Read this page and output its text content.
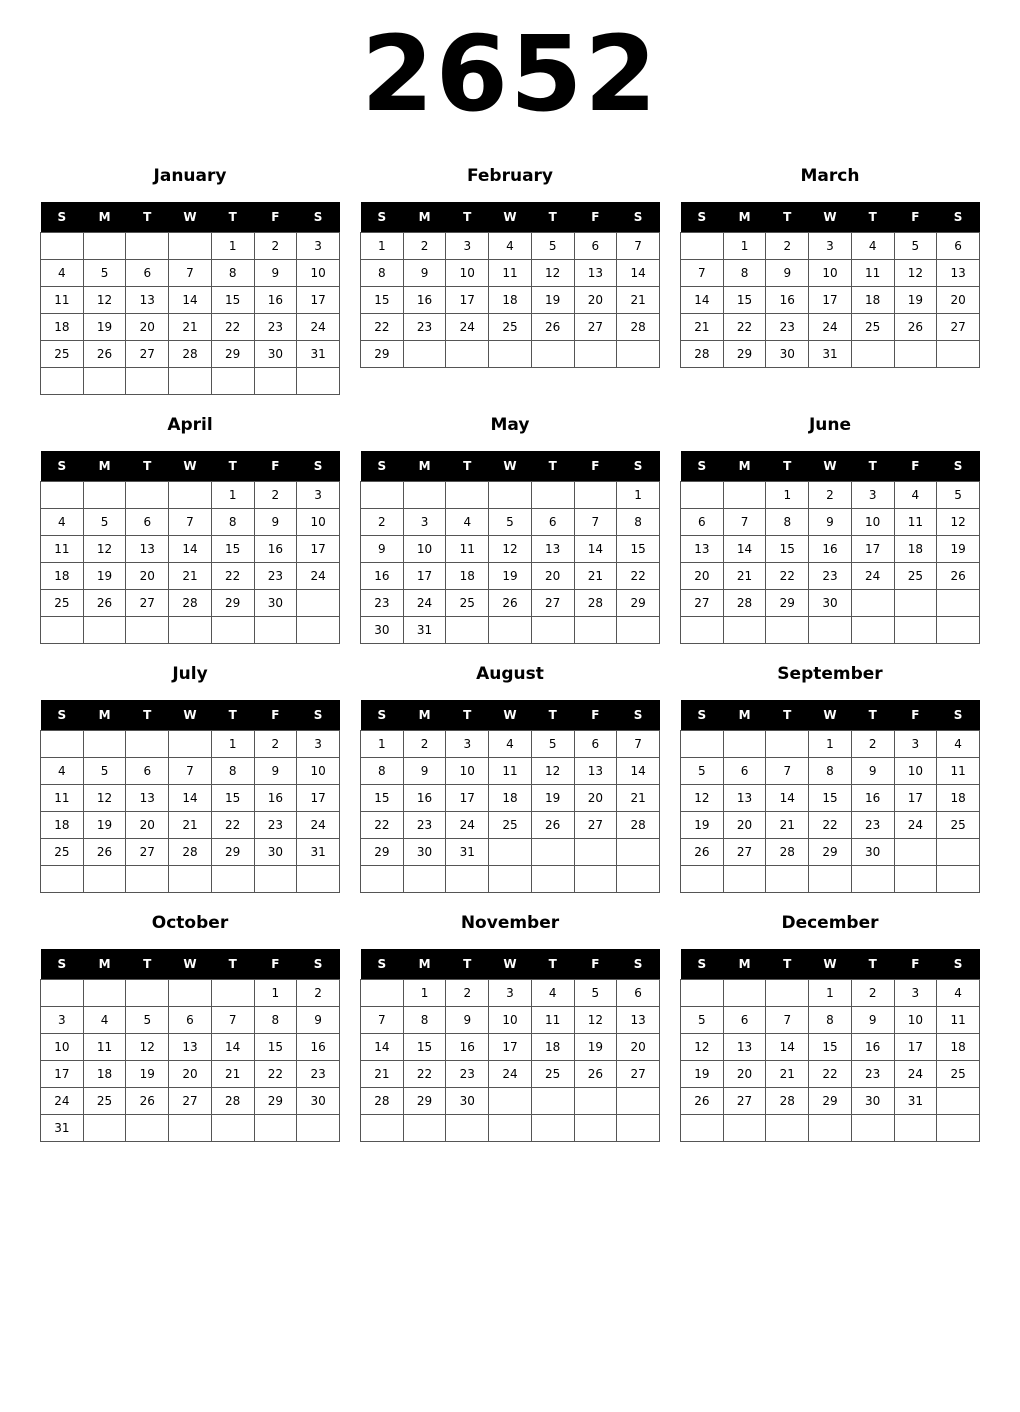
2652
January
S	M	T	W	T	F	S
				1	2	3
4	5	6	7	8	9	10
11	12	13	14	15	16	17
18	19	20	21	22	23	24
25	26	27	28	29	30	31

February
S	M	T	W	T	F	S
1	2	3	4	5	6	7
8	9	10	11	12	13	14
15	16	17	18	19	20	21
22	23	24	25	26	27	28
29						
March
S	M	T	W	T	F	S
	1	2	3	4	5	6
7	8	9	10	11	12	13
14	15	16	17	18	19	20
21	22	23	24	25	26	27
28	29	30	31			
April
S	M	T	W	T	F	S
				1	2	3
4	5	6	7	8	9	10
11	12	13	14	15	16	17
18	19	20	21	22	23	24
25	26	27	28	29	30	

May
S	M	T	W	T	F	S
						1
2	3	4	5	6	7	8
9	10	11	12	13	14	15
16	17	18	19	20	21	22
23	24	25	26	27	28	29
30	31					
June
S	M	T	W	T	F	S
		1	2	3	4	5
6	7	8	9	10	11	12
13	14	15	16	17	18	19
20	21	22	23	24	25	26
27	28	29	30			

July
S	M	T	W	T	F	S
				1	2	3
4	5	6	7	8	9	10
11	12	13	14	15	16	17
18	19	20	21	22	23	24
25	26	27	28	29	30	31

August
S	M	T	W	T	F	S
1	2	3	4	5	6	7
8	9	10	11	12	13	14
15	16	17	18	19	20	21
22	23	24	25	26	27	28
29	30	31				

September
S	M	T	W	T	F	S
			1	2	3	4
5	6	7	8	9	10	11
12	13	14	15	16	17	18
19	20	21	22	23	24	25
26	27	28	29	30		

October
S	M	T	W	T	F	S
					1	2
3	4	5	6	7	8	9
10	11	12	13	14	15	16
17	18	19	20	21	22	23
24	25	26	27	28	29	30
31						
November
S	M	T	W	T	F	S
	1	2	3	4	5	6
7	8	9	10	11	12	13
14	15	16	17	18	19	20
21	22	23	24	25	26	27
28	29	30				

December
S	M	T	W	T	F	S
			1	2	3	4
5	6	7	8	9	10	11
12	13	14	15	16	17	18
19	20	21	22	23	24	25
26	27	28	29	30	31	
